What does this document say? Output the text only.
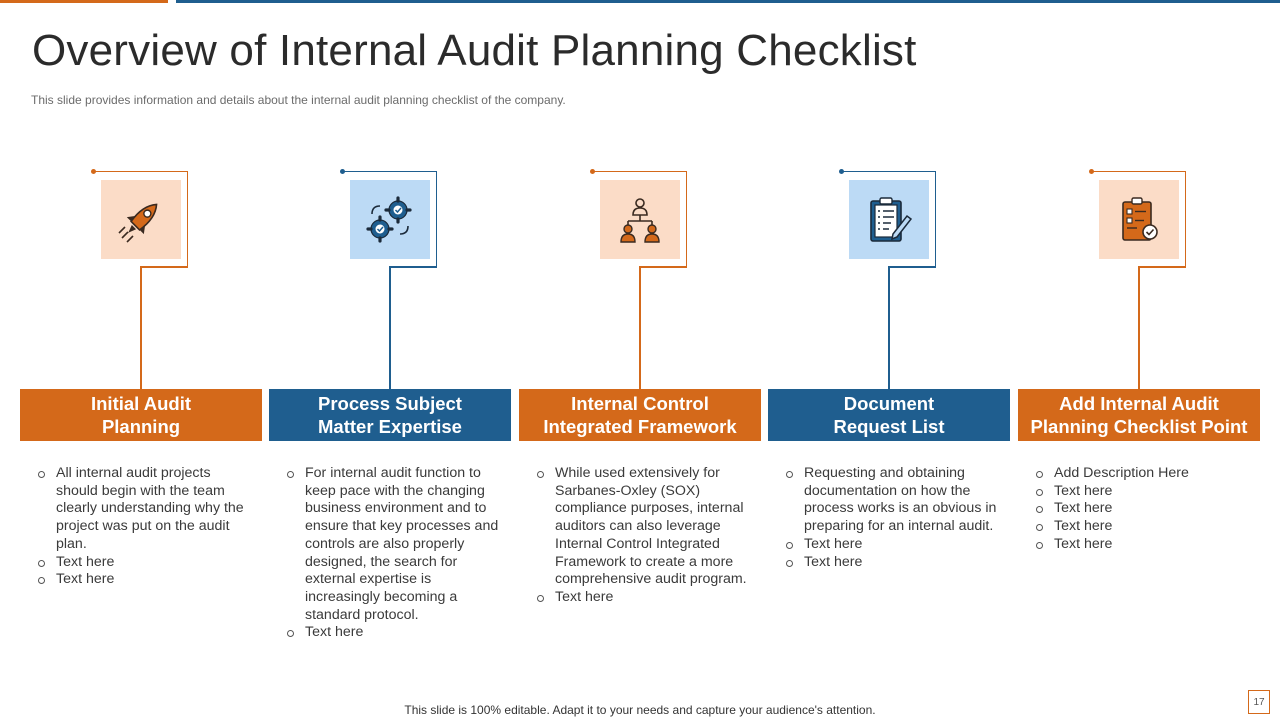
Overview of Internal Audit Planning Checklist
This slide provides information and details about the internal audit planning checklist of the company.
Initial Audit
Planning
All internal audit projects should begin with the team clearly understanding why the project was put on the audit plan.
Text here
Text here
Process Subject
Matter Expertise
For internal audit function to keep pace with the changing business environment and to ensure that key processes and controls are also properly designed, the search for external expertise is increasingly becoming a standard protocol.
Text here
Internal Control
Integrated Framework
While used extensively for Sarbanes-Oxley (SOX) compliance purposes, internal auditors can also leverage Internal Control Integrated Framework to create a more comprehensive audit program.
Text here
Document
Request List
Requesting and obtaining documentation on how the process works is an obvious in preparing for an internal audit.
Text here
Text here
Add Internal Audit
Planning Checklist Point
Add Description Here
Text here
Text here
Text here
Text here
This slide is 100% editable. Adapt it to your needs and capture your audience's attention.
17
